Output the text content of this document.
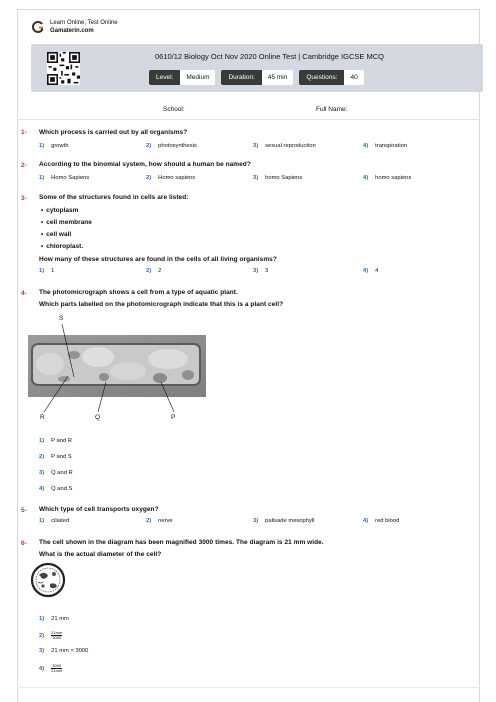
Learn Online, Test Online
Gamaterin.com
0610/12 Biology Oct Nov 2020 Online Test | Cambridge IGCSE MCQ
Level:	Medium	Duration:	45 min	Questions:	40
School:	Full Name:
1- Which process is carried out by all organisms?
1) growth	2) photosynthesis	3) sexual reproduction	4) transpiration
2- According to the binomial system, how should a human be named?
1) Homo Sapiens	2) Homo sapiens	3) homo Sapiens	4) homo sapiens
3- Some of the structures found in cells are listed:
• cytoplasm
• cell membrane
• cell wall
• chloroplast.
How many of these structures are found in the cells of all living organisms?
1) 1	2) 2	3) 3	4) 4
4- The photomicrograph shows a cell from a type of aquatic plant.
Which parts labelled on the photomicrograph indicate that this is a plant cell?
S
R	Q	P
1) P and R
2) P and S
3) Q and R
4) Q and S
5- Which type of cell transports oxygen?
1) ciliated	2) nerve	3) palisade mesophyll	4) red blood
6- The cell shown in the diagram has been magnified 3000 times. The diagram is 21 mm wide.
What is the actual diameter of the cell?
1) 21 mm
$2) \frac{21mm}{3000}$
3) 21 mm × 3000
$4) \frac{3000}{21mm}$
